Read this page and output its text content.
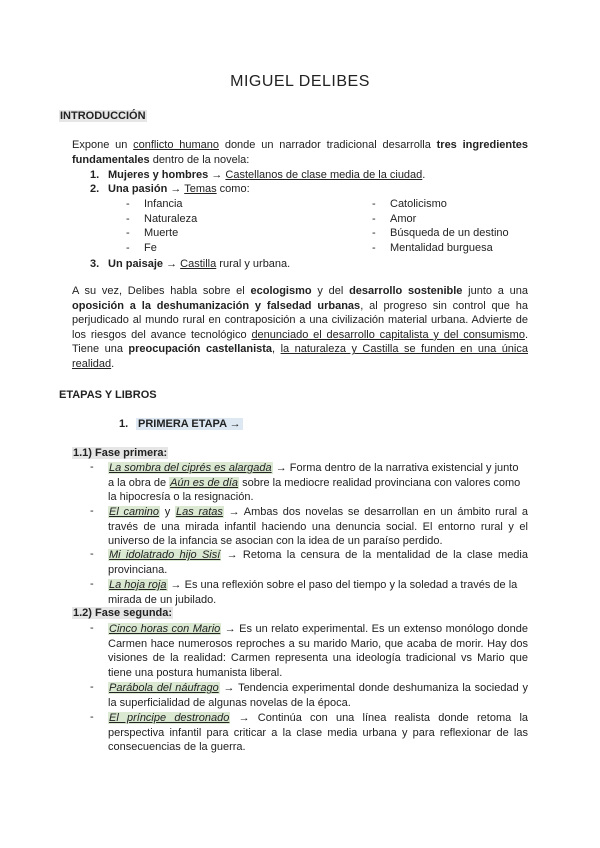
MIGUEL DELIBES
INTRODUCCIÓN
Expone un conflicto humano donde un narrador tradicional desarrolla tres ingredientes
fundamentales dentro de la novela:
1. Mujeres y hombres → Castellanos de clase media de la ciudad.
2. Una pasión → Temas como:
- Infancia
- Naturaleza
- Muerte
- Fe
- Catolicismo
- Amor
- Búsqueda de un destino
- Mentalidad burguesa
3. Un paisaje → Castilla rural y urbana.
A su vez, Delibes habla sobre el ecologismo y del desarrollo sostenible junto a una
oposición a la deshumanización y falsedad urbanas, al progreso sin control que ha
perjudicado al mundo rural en contraposición a una civilización material urbana. Advierte de
los riesgos del avance tecnológico denunciado el desarrollo capitalista y del consumismo.
Tiene una preocupación castellanista, la naturaleza y Castilla se funden en una única
realidad.
ETAPAS Y LIBROS
1. PRIMERA ETAPA →
1.1) Fase primera:
- La sombra del ciprés es alargada → Forma dentro de la narrativa existencial y junto
a la obra de Aún es de día sobre la mediocre realidad provinciana con valores como
la hipocresía o la resignación.
- El camino y Las ratas → Ambas dos novelas se desarrollan en un ámbito rural a
través de una mirada infantil haciendo una denuncia social. El entorno rural y el
universo de la infancia se asocian con la idea de un paraíso perdido.
- Mi idolatrado hijo Sisí → Retoma la censura de la mentalidad de la clase media
provinciana.
- La hoja roja → Es una reflexión sobre el paso del tiempo y la soledad a través de la
mirada de un jubilado.
1.2) Fase segunda:
- Cinco horas con Mario → Es un relato experimental. Es un extenso monólogo donde
Carmen hace numerosos reproches a su marido Mario, que acaba de morir. Hay dos
visiones de la realidad: Carmen representa una ideología tradicional vs Mario que
tiene una postura humanista liberal.
- Parábola del náufrago → Tendencia experimental donde deshumaniza la sociedad y
la superficialidad de algunas novelas de la época.
- El príncipe destronado → Continúa con una línea realista donde retoma la
perspectiva infantil para criticar a la clase media urbana y para reflexionar de las
consecuencias de la guerra.
